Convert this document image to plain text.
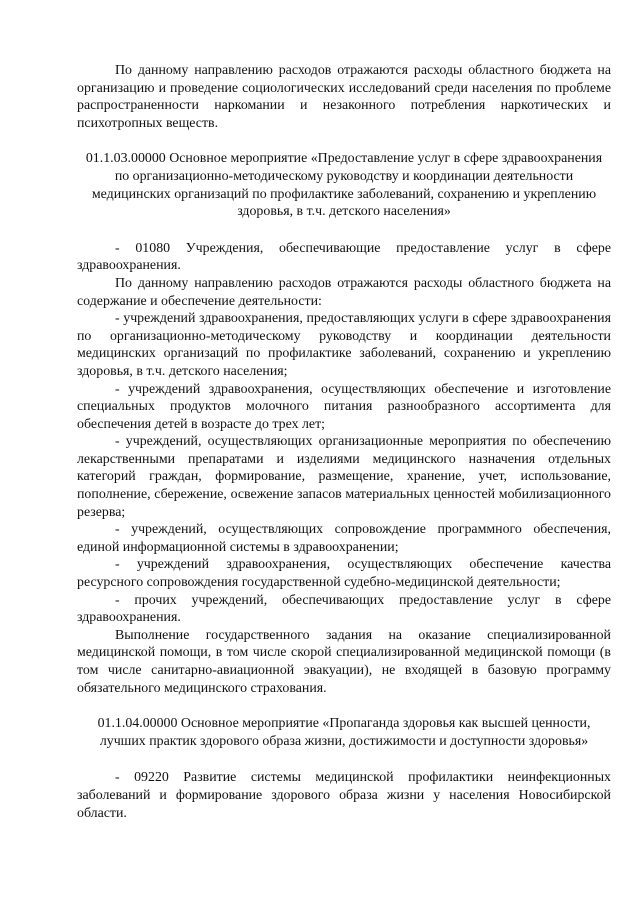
По данному направлению расходов отражаются расходы областного бюджета на организацию и проведение социологических исследований среди населения по проблеме распространенности наркомании и незаконного потребления наркотических и психотропных веществ.

01.1.03.00000 Основное мероприятие «Предоставление услуг в сфере здравоохранения по организационно-методическому руководству и координации деятельности медицинских организаций по профилактике заболеваний, сохранению и укреплению здоровья, в т.ч. детского населения»

- 01080 Учреждения, обеспечивающие предоставление услуг в сфере здравоохранения.

По данному направлению расходов отражаются расходы областного бюджета на содержание и обеспечение деятельности:

- учреждений здравоохранения, предоставляющих услуги в сфере здравоохранения по организационно-методическому руководству и координации деятельности медицинских организаций по профилактике заболеваний, сохранению и укреплению здоровья, в т.ч. детского населения;

- учреждений здравоохранения, осуществляющих обеспечение и изготовление специальных продуктов молочного питания разнообразного ассортимента для обеспечения детей в возрасте до трех лет;

- учреждений, осуществляющих организационные мероприятия по обеспечению лекарственными препаратами и изделиями медицинского назначения отдельных категорий граждан, формирование, размещение, хранение, учет, использование, пополнение, сбережение, освежение запасов материальных ценностей мобилизационного резерва;

- учреждений, осуществляющих сопровождение программного обеспечения, единой информационной системы в здравоохранении;

- учреждений здравоохранения, осуществляющих обеспечение качества ресурсного сопровождения государственной судебно-медицинской деятельности;

- прочих учреждений, обеспечивающих предоставление услуг в сфере здравоохранения.

Выполнение государственного задания на оказание специализированной медицинской помощи, в том числе скорой специализированной медицинской помощи (в том числе санитарно-авиационной эвакуации), не входящей в базовую программу обязательного медицинского страхования.

01.1.04.00000 Основное мероприятие «Пропаганда здоровья как высшей ценности, лучших практик здорового образа жизни, достижимости и доступности здоровья»

- 09220 Развитие системы медицинской профилактики неинфекционных заболеваний и формирование здорового образа жизни у населения Новосибирской области.
